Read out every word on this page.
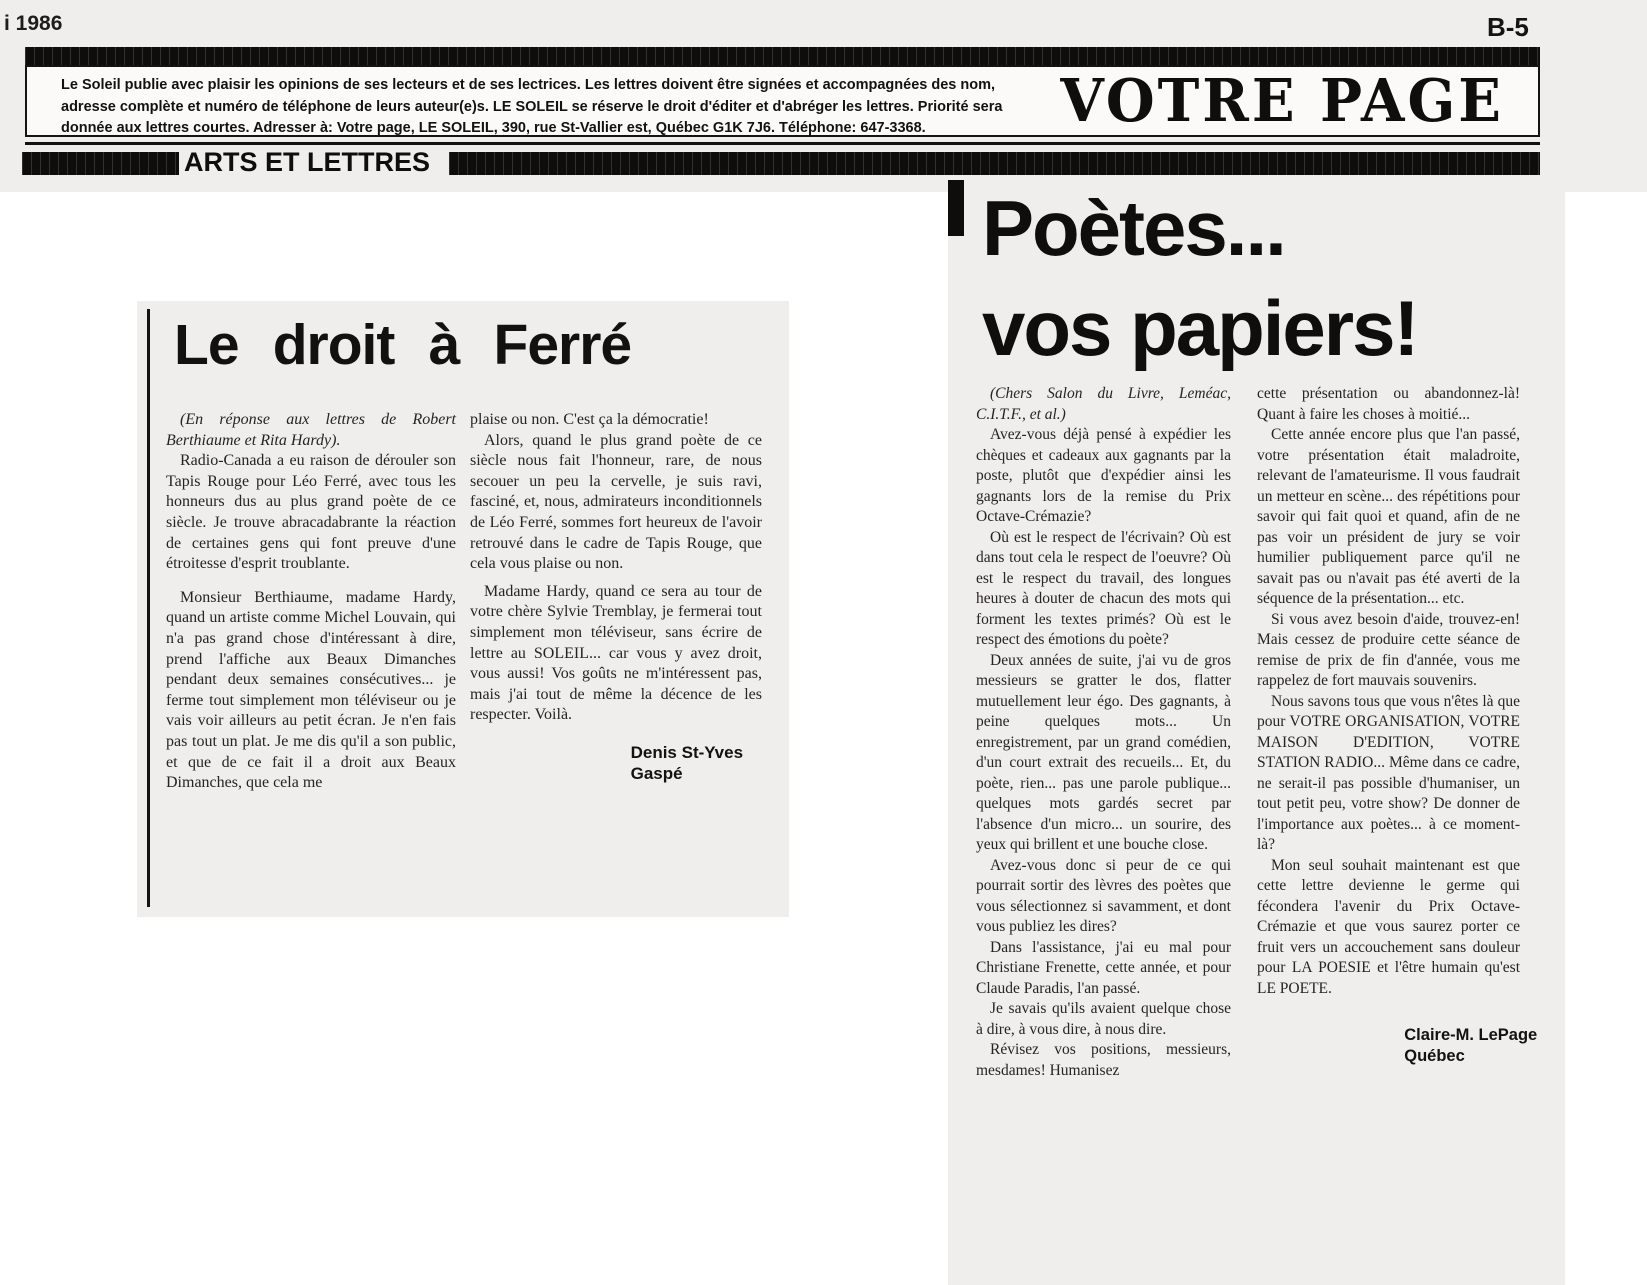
i 1986	B-5
Le Soleil publie avec plaisir les opinions de ses lecteurs et de ses lectrices. Les lettres doivent être signées et accompagnées des nom,
adresse complète et numéro de téléphone de leurs auteur(e)s. LE SOLEIL se réserve le droit d'éditer et d'abréger les lettres. Priorité sera
donnée aux lettres courtes. Adresser à: Votre page, LE SOLEIL, 390, rue St-Vallier est, Québec G1K 7J6. Téléphone: 647-3368.	VOTRE PAGE
ARTS ET LETTRES
Le droit à Ferré

(En réponse aux lettres de Robert Berthiaume et Rita Hardy).

Radio-Canada a eu raison de dérouler son Tapis Rouge pour Léo Ferré, avec tous les honneurs dus au plus grand poète de ce siècle. Je trouve abracadabrante la réaction de certaines gens qui font preuve d'une étroitesse d'esprit troublante.

Monsieur Berthiaume, madame Hardy, quand un artiste comme Michel Louvain, qui n'a pas grand chose d'intéressant à dire, prend l'affiche aux Beaux Dimanches pendant deux semaines consécutives... je ferme tout simplement mon téléviseur ou je vais voir ailleurs au petit écran. Je n'en fais pas tout un plat. Je me dis qu'il a son public, et que de ce fait il a droit aux Beaux Dimanches, que cela me

plaise ou non. C'est ça la démocratie!

Alors, quand le plus grand poète de ce siècle nous fait l'honneur, rare, de nous secouer un peu la cervelle, je suis ravi, fasciné, et, nous, admirateurs inconditionnels de Léo Ferré, sommes fort heureux de l'avoir retrouvé dans le cadre de Tapis Rouge, que cela vous plaise ou non.

Madame Hardy, quand ce sera au tour de votre chère Sylvie Tremblay, je fermerai tout simplement mon téléviseur, sans écrire de lettre au SOLEIL... car vous y avez droit, vous aussi! Vos goûts ne m'intéressent pas, mais j'ai tout de même la décence de les respecter. Voilà.

Denis St-Yves
Gaspé
Poètes...
vos papiers!

(Chers Salon du Livre, Leméac, C.I.T.F., et al.)

Avez-vous déjà pensé à expédier les chèques et cadeaux aux gagnants par la poste, plutôt que d'expédier ainsi les gagnants lors de la remise du Prix Octave-Crémazie?

Où est le respect de l'écrivain? Où est dans tout cela le respect de l'oeuvre? Où est le respect du travail, des longues heures à douter de chacun des mots qui forment les textes primés? Où est le respect des émotions du poète?

Deux années de suite, j'ai vu de gros messieurs se gratter le dos, flatter mutuellement leur égo. Des gagnants, à peine quelques mots... Un enregistrement, par un grand comédien, d'un court extrait des recueils... Et, du poète, rien... pas une parole publique... quelques mots gardés secret par l'absence d'un micro... un sourire, des yeux qui brillent et une bouche close.

Avez-vous donc si peur de ce qui pourrait sortir des lèvres des poètes que vous sélectionnez si savamment, et dont vous publiez les dires?

Dans l'assistance, j'ai eu mal pour Christiane Frenette, cette année, et pour Claude Paradis, l'an passé.

Je savais qu'ils avaient quelque chose à dire, à vous dire, à nous dire.

Révisez vos positions, messieurs, mesdames! Humanisez

cette présentation ou abandonnez-là! Quant à faire les choses à moitié...

Cette année encore plus que l'an passé, votre présentation était maladroite, relevant de l'amateurisme. Il vous faudrait un metteur en scène... des répétitions pour savoir qui fait quoi et quand, afin de ne pas voir un président de jury se voir humilier publiquement parce qu'il ne savait pas ou n'avait pas été averti de la séquence de la présentation... etc.

Si vous avez besoin d'aide, trouvez-en! Mais cessez de produire cette séance de remise de prix de fin d'année, vous me rappelez de fort mauvais souvenirs.

Nous savons tous que vous n'êtes là que pour VOTRE ORGANISATION, VOTRE MAISON D'EDITION, VOTRE STATION RADIO... Même dans ce cadre, ne serait-il pas possible d'humaniser, un tout petit peu, votre show? De donner de l'importance aux poètes... à ce moment-là?

Mon seul souhait maintenant est que cette lettre devienne le germe qui fécondera l'avenir du Prix Octave-Crémazie et que vous saurez porter ce fruit vers un accouchement sans douleur pour LA POESIE et l'être humain qu'est LE POETE.

Claire-M. LePage
Québec
